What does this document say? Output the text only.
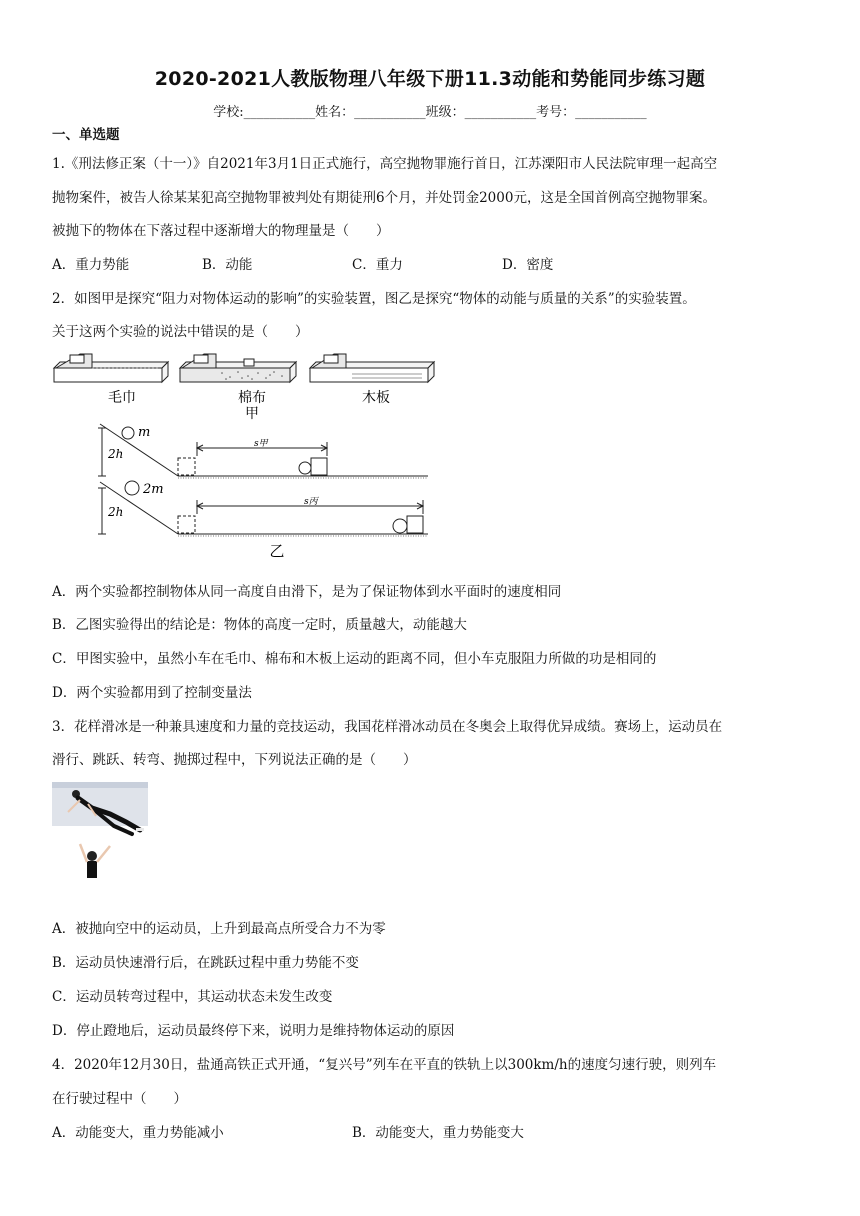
2020-2021人教版物理八年级下册11.3动能和势能同步练习题
学校:___________姓名：___________班级：___________考号：___________
一、单选题
1.《刑法修正案（十一）》自2021年3月1日正式施行，高空抛物罪施行首日，江苏溧阳市人民法院审理一起高空
抛物案件，被告人徐某某犯高空抛物罪被判处有期徒刑6个月，并处罚金2000元，这是全国首例高空抛物罪案。
被抛下的物体在下落过程中逐渐增大的物理量是（　　）
A．重力势能	B．动能	C．重力	D．密度
2．如图甲是探究“阻力对物体运动的影响”的实验装置，图乙是探究“物体的动能与质量的关系”的实验装置。
关于这两个实验的说法中错误的是（　　）
毛巾	棉布
甲
木板
m
2m
2h
2h
s甲
s丙
乙
A．两个实验都控制物体从同一高度自由滑下，是为了保证物体到水平面时的速度相同
B．乙图实验得出的结论是：物体的高度一定时，质量越大，动能越大
C．甲图实验中，虽然小车在毛巾、棉布和木板上运动的距离不同，但小车克服阻力所做的功是相同的
D．两个实验都用到了控制变量法
3．花样滑冰是一种兼具速度和力量的竞技运动，我国花样滑冰动员在冬奥会上取得优异成绩。赛场上，运动员在
滑行、跳跃、转弯、抛掷过程中，下列说法正确的是（　　）
A．被抛向空中的运动员，上升到最高点所受合力不为零
B．运动员快速滑行后，在跳跃过程中重力势能不变
C．运动员转弯过程中，其运动状态未发生改变
D．停止蹬地后，运动员最终停下来，说明力是维持物体运动的原因
4．2020年12月30日，盐通高铁正式开通，“复兴号”列车在平直的铁轨上以300km/h的速度匀速行驶，则列车
在行驶过程中（　　）
A．动能变大，重力势能减小	B．动能变大，重力势能变大
